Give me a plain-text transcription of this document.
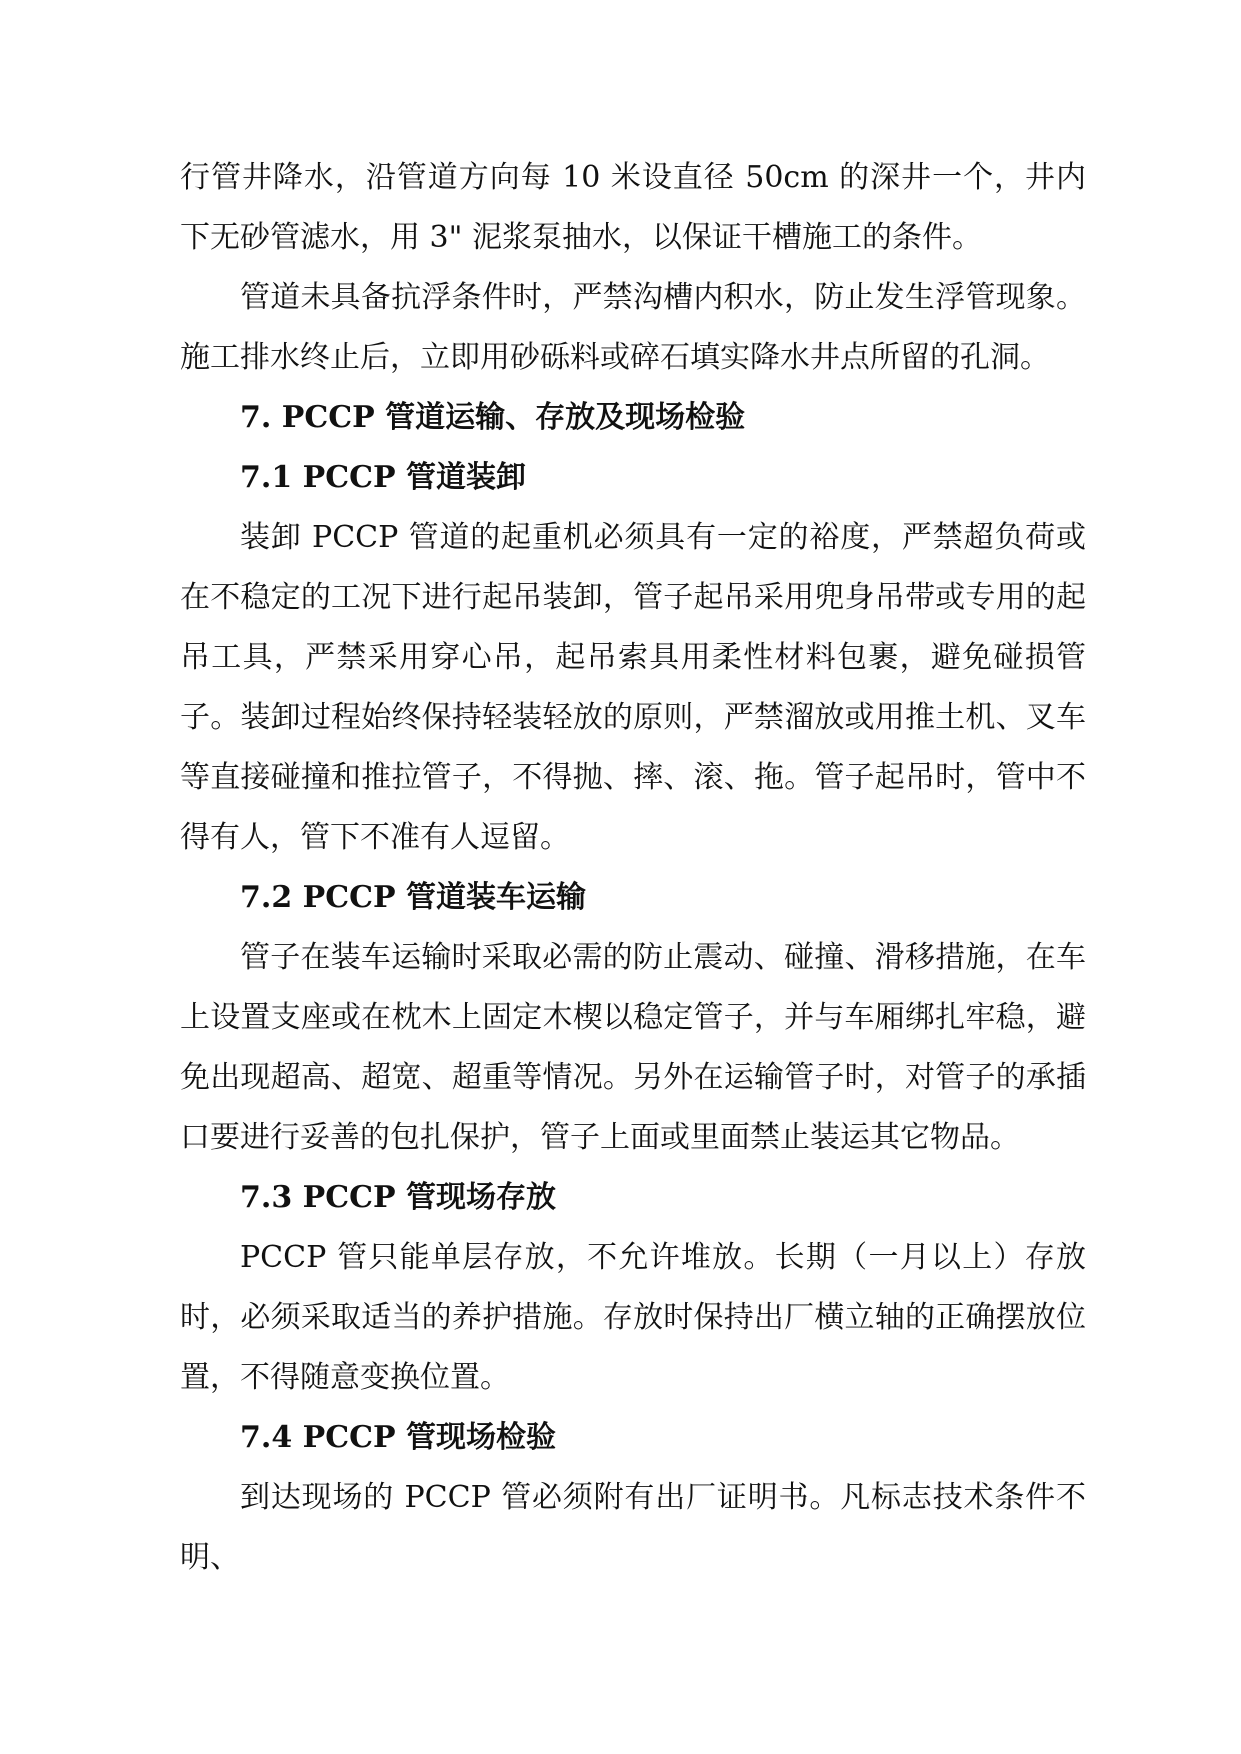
行管井降水，沿管道方向每 10 米设直径 50cm 的深井一个，井内下无砂管滤水，用 3" 泥浆泵抽水，以保证干槽施工的条件。

管道未具备抗浮条件时，严禁沟槽内积水，防止发生浮管现象。施工排水终止后，立即用砂砾料或碎石填实降水井点所留的孔洞。

7. PCCP 管道运输、存放及现场检验
7.1 PCCP 管道装卸

装卸 PCCP 管道的起重机必须具有一定的裕度，严禁超负荷或在不稳定的工况下进行起吊装卸，管子起吊采用兜身吊带或专用的起吊工具，严禁采用穿心吊，起吊索具用柔性材料包裹，避免碰损管子。装卸过程始终保持轻装轻放的原则，严禁溜放或用推土机、叉车等直接碰撞和推拉管子，不得抛、摔、滚、拖。管子起吊时，管中不得有人，管下不准有人逗留。

7.2 PCCP 管道装车运输

管子在装车运输时采取必需的防止震动、碰撞、滑移措施，在车上设置支座或在枕木上固定木楔以稳定管子，并与车厢绑扎牢稳，避免出现超高、超宽、超重等情况。另外在运输管子时，对管子的承插口要进行妥善的包扎保护，管子上面或里面禁止装运其它物品。

7.3 PCCP 管现场存放

PCCP 管只能单层存放，不允许堆放。长期（一月以上）存放时，必须采取适当的养护措施。存放时保持出厂横立轴的正确摆放位置，不得随意变换位置。

7.4 PCCP 管现场检验

到达现场的 PCCP 管必须附有出厂证明书。凡标志技术条件不明、
